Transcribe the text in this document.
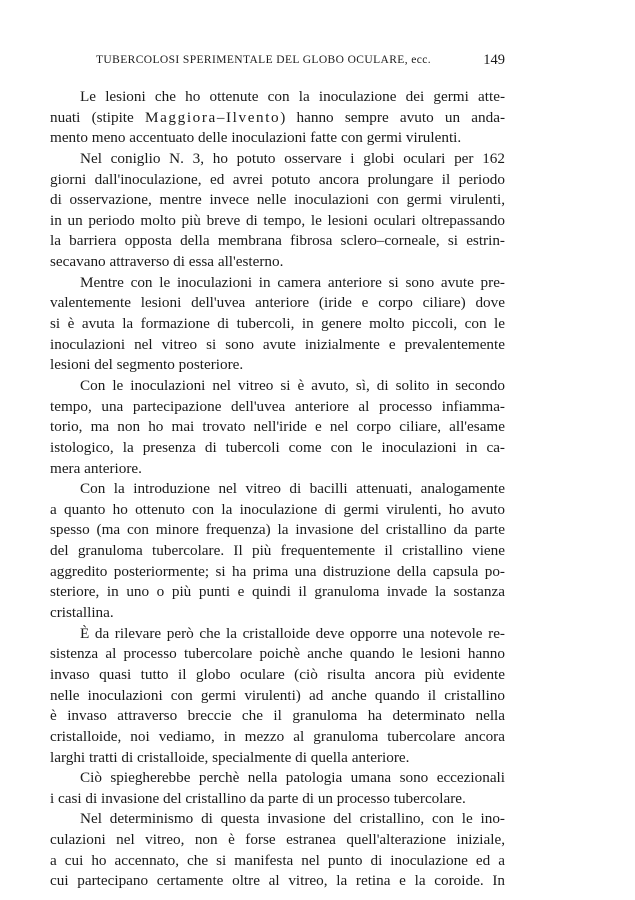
TUBERCOLOSI SPERIMENTALE DEL GLOBO OCULARE, ecc.	149
Le lesioni che ho ottenute con la inoculazione dei germi atte-
nuati (stipite Maggiora–Ilvento) hanno sempre avuto un anda-
mento meno accentuato delle inoculazioni fatte con germi virulenti.
Nel coniglio N. 3, ho potuto osservare i globi oculari per 162
giorni dall'inoculazione, ed avrei potuto ancora prolungare il periodo
di osservazione, mentre invece nelle inoculazioni con germi virulenti,
in un periodo molto più breve di tempo, le lesioni oculari oltrepassando
la barriera opposta della membrana fibrosa sclero–corneale, si estrin-
secavano attraverso di essa all'esterno.
Mentre con le inoculazioni in camera anteriore si sono avute pre-
valentemente lesioni dell'uvea anteriore (iride e corpo ciliare) dove
si è avuta la formazione di tubercoli, in genere molto piccoli, con le
inoculazioni nel vitreo si sono avute inizialmente e prevalentemente
lesioni del segmento posteriore.
Con le inoculazioni nel vitreo si è avuto, sì, di solito in secondo
tempo, una partecipazione dell'uvea anteriore al processo infiamma-
torio, ma non ho mai trovato nell'iride e nel corpo ciliare, all'esame
istologico, la presenza di tubercoli come con le inoculazioni in ca-
mera anteriore.
Con la introduzione nel vitreo di bacilli attenuati, analogamente
a quanto ho ottenuto con la inoculazione di germi virulenti, ho avuto
spesso (ma con minore frequenza) la invasione del cristallino da parte
del granuloma tubercolare. Il più frequentemente il cristallino viene
aggredito posteriormente; si ha prima una distruzione della capsula po-
steriore, in uno o più punti e quindi il granuloma invade la sostanza
cristallina.
È da rilevare però che la cristalloide deve opporre una notevole re-
sistenza al processo tubercolare poichè anche quando le lesioni hanno
invaso quasi tutto il globo oculare (ciò risulta ancora più evidente
nelle inoculazioni con germi virulenti) ad anche quando il cristallino
è invaso attraverso breccie che il granuloma ha determinato nella
cristalloide, noi vediamo, in mezzo al granuloma tubercolare ancora
larghi tratti di cristalloide, specialmente di quella anteriore.
Ciò spiegherebbe perchè nella patologia umana sono eccezionali
i casi di invasione del cristallino da parte di un processo tubercolare.
Nel determinismo di questa invasione del cristallino, con le ino-
culazioni nel vitreo, non è forse estranea quell'alterazione iniziale,
a cui ho accennato, che si manifesta nel punto di inoculazione ed a
cui partecipano certamente oltre al vitreo, la retina e la coroide. In
